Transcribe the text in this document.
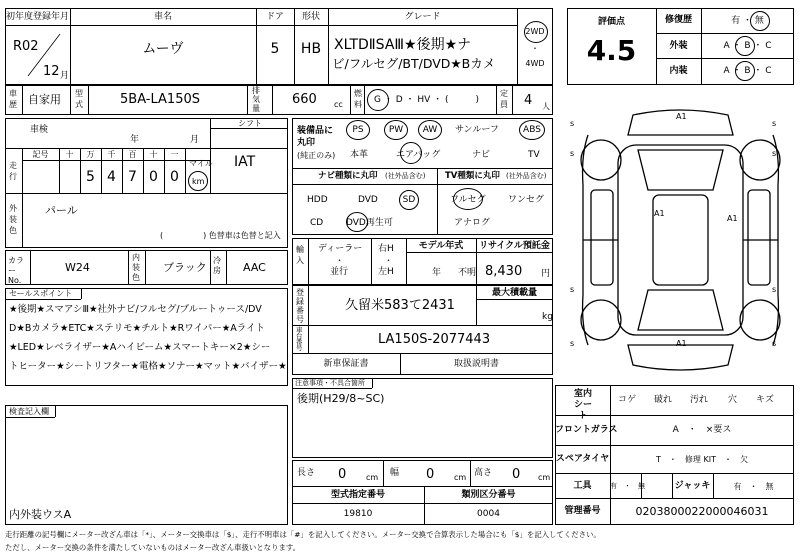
初年度登録年月
R02
12 月
車名
ムーヴ
ドア
5
形状
HB
グレード
XLTDⅡSAⅢ★後期★ナ
ビ/フルセグ/BT/DVD★Bカメ
2WD
・
4WD
車歴 自家用 型式	5BA-LA150S
排気量
660 cc
燃料 G ・ D ・ HV ・ (　　　)
定員 4 人
車検
年	月
シフト
IAT
走行
記号	十	万	千	百	十	一
5 4 7 0 0
マイル
km
外装色
パール
(　　　　　) 色替車は色替と記入
装備品に丸印
(純正のみ)
PS	PW	AW	サンルーフ	ABS
本革	エアバッグ	ナビ	TV
ナビ種類に丸印 (社外品含む)
HDD	DVD	SD
CD	DVD再生可
TV種類に丸印 (社外品含む)
フルセグ ワンセグ
アナログ
カラーNo.
W24
内装色
ブラック
冷房 AAC
輸入
ディーラー
・
並行
右H
・
左H
モデル年式
年 不明
リサイクル預託金
8,430 円
セールスポイント
★後期★スマアシⅢ★社外ナビ/フルセグ/ブルートゥース/DV
D★Bカメラ★ETC★ステリモ★チルト★Rワイパー★Aライト
★LED★レベライザー★Aハイビーム★スマートキー×2★シー
トヒーター★シートリフター★電格★ソナー★マット★バイザー★
登録番号
久留米583て2431
最大積載量
kg
車台番号
LA150S-2077443
新車保証書	取扱説明書
注意事項・不具合箇所
後期(H29/8~SC)
検査記入欄
内外装ウスA
長さ 0 cm 幅 0 cm 高さ 0 cm
型式指定番号
19810
類別区分番号
0004
評価点
4.5
修復歴	有 ・ 無
外装	A ・ B ・ C
内装	A ・ B ・ C
A1
A1
A1
A1
s	s
s	s
s	s
s	s
室内シート
コゲ 破れ 汚れ 穴 キズ
フロントガラス	A　・　×要ス
スペアタイヤ	T　・　修理 KIT　・　欠
工具	有　・　無	ジャッキ	有　・　無
管理番号	0203800022000046031
走行距離の記号欄にメーター改ざん車は「*」、メーター交換車は「$」、走行不明車は「#」を記入してください。メーター交換で合算表示した場合にも「$」を記入してください。
ただし、メーター交換の条件を満たしていないものはメーター改ざん車扱いとなります。
